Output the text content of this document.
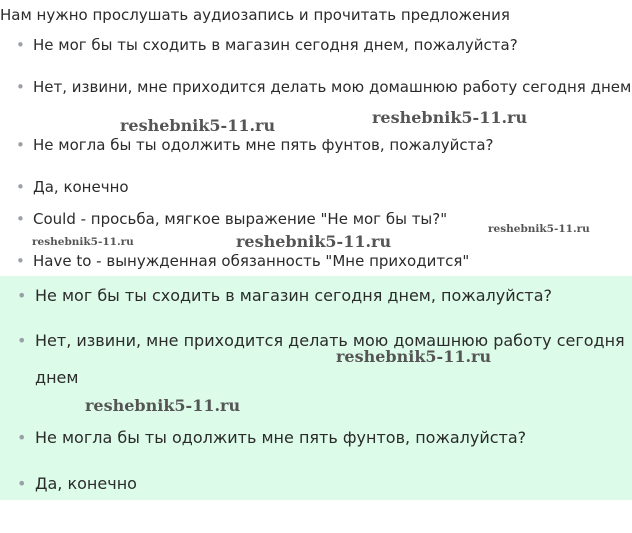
Нам нужно прослушать аудиозапись и прочитать предложения
• Не мог бы ты сходить в магазин сегодня днем, пожалуйста?
• Нет, извини, мне приходится делать мою домашнюю работу сегодня днем
• Не могла бы ты одолжить мне пять фунтов, пожалуйста?
• Да, конечно
• Could - просьба, мягкое выражение "Не мог бы ты?"
• Have to - вынужденная обязанность "Мне приходится"
• Не мог бы ты сходить в магазин сегодня днем, пожалуйста?
• Нет, извини, мне приходится делать мою домашнюю работу сегодня днем
• Не могла бы ты одолжить мне пять фунтов, пожалуйста?
• Да, конечно
reshebnik5-11.ru	reshebnik5-11.ru
reshebnik5-11.ru
reshebnik5-11.ru	reshebnik5-11.ru
reshebnik5-11.ru
reshebnik5-11.ru
